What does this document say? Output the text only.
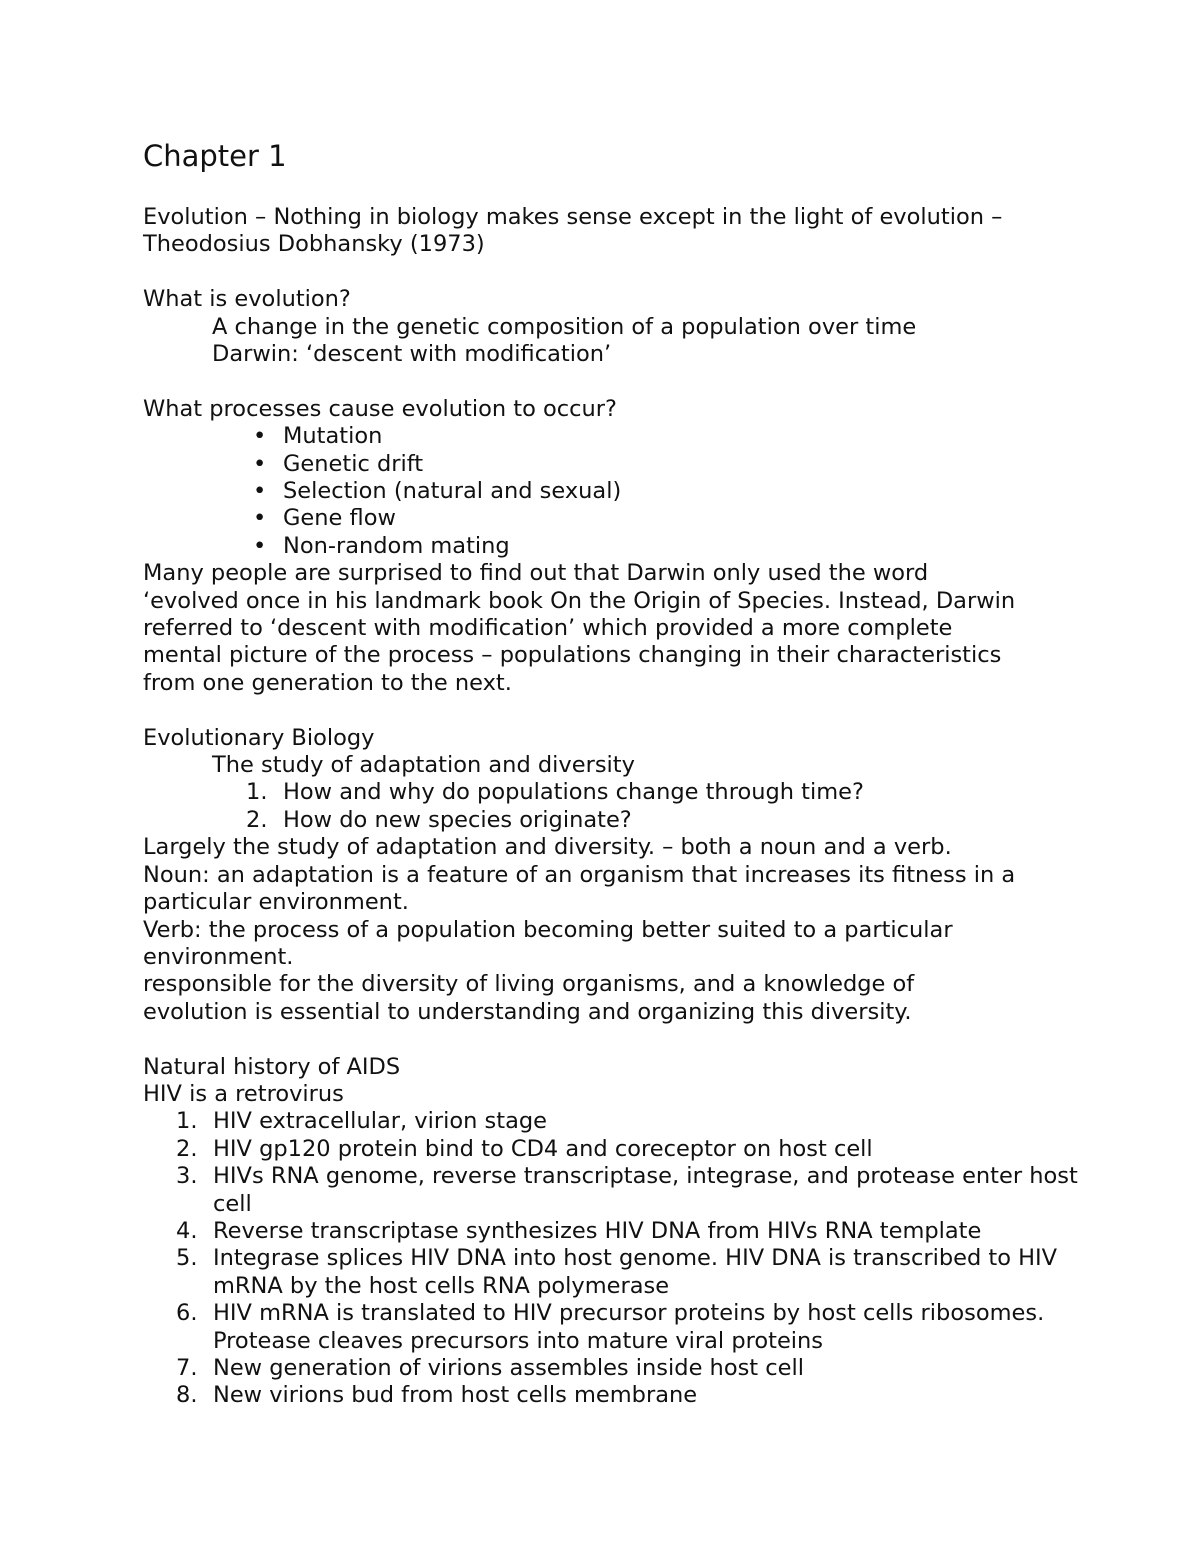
Chapter 1

Evolution – Nothing in biology makes sense except in the light of evolution –

Theodosius Dobhansky (1973)

What is evolution?

A change in the genetic composition of a population over time

Darwin: ‘descent with modification’

What processes cause evolution to occur?

• Mutation
• Genetic drift
• Selection (natural and sexual)
• Gene flow
• Non-random mating

Many people are surprised to find out that Darwin only used the word

‘evolved once in his landmark book On the Origin of Species. Instead, Darwin

referred to ‘descent with modification’ which provided a more complete

mental picture of the process – populations changing in their characteristics

from one generation to the next.

Evolutionary Biology

The study of adaptation and diversity

1. How and why do populations change through time?
2. How do new species originate?

Largely the study of adaptation and diversity. – both a noun and a verb.

Noun: an adaptation is a feature of an organism that increases its fitness in a

particular environment.

Verb: the process of a population becoming better suited to a particular

environment.

responsible for the diversity of living organisms, and a knowledge of

evolution is essential to understanding and organizing this diversity.

Natural history of AIDS

HIV is a retrovirus

1. HIV extracellular, virion stage
2. HIV gp120 protein bind to CD4 and coreceptor on host cell
3. HIVs RNA genome, reverse transcriptase, integrase, and protease enter host cell
4. Reverse transcriptase synthesizes HIV DNA from HIVs RNA template
5. Integrase splices HIV DNA into host genome. HIV DNA is transcribed to HIV mRNA by the host cells RNA polymerase
6. HIV mRNA is translated to HIV precursor proteins by host cells ribosomes. Protease cleaves precursors into mature viral proteins
7. New generation of virions assembles inside host cell
8. New virions bud from host cells membrane
